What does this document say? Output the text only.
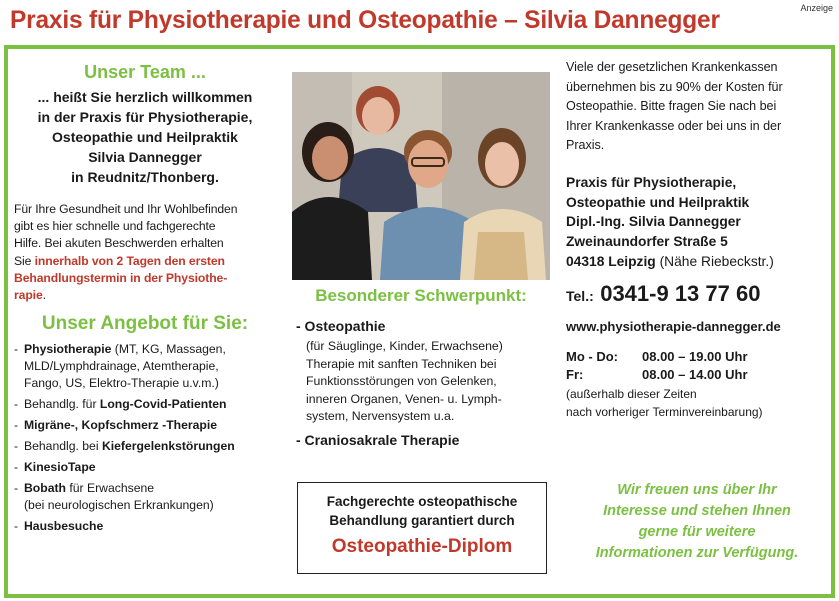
Anzeige
Praxis für Physiotherapie und Osteopathie – Silvia Dannegger
Unser Team ...
... heißt Sie herzlich willkommen
in der Praxis für Physiotherapie,
Osteopathie und Heilpraktik
Silvia Dannegger
in Reudnitz/Thonberg.
Für Ihre Gesundheit und Ihr Wohlbefinden
gibt es hier schnelle und fachgerechte
Hilfe. Bei akuten Beschwerden erhalten
Sie innerhalb von 2 Tagen den ersten
Behandlungstermin in der Physiothe-
rapie.
Unser Angebot für Sie:
- Physiotherapie (MT, KG, Massagen,
MLD/Lymphdrainage, Atemtherapie,
Fango, US, Elektro-Therapie u.v.m.)
- Behandlg. für Long-Covid-Patienten
- Migräne-, Kopfschmerz -Therapie
- Behandlg. bei Kiefergelenkstörungen
- KinesioTape
- Bobath für Erwachsene
(bei neurologischen Erkrankungen)
- Hausbesuche
Besonderer Schwerpunkt:
- Osteopathie
(für Säuglinge, Kinder, Erwachsene)
Therapie mit sanften Techniken bei
Funktionsstörungen von Gelenken,
inneren Organen, Venen- u. Lymph-
system, Nervensystem u.a.
- Craniosakrale Therapie
Fachgerechte osteopathische
Behandlung garantiert durch
Osteopathie-Diplom
Viele der gesetzlichen Krankenkassen
übernehmen bis zu 90% der Kosten für
Osteopathie. Bitte fragen Sie nach bei
Ihrer Krankenkasse oder bei uns in der
Praxis.
Praxis für Physiotherapie,
Osteopathie und Heilpraktik
Dipl.-Ing. Silvia Dannegger
Zweinaundorfer Straße 5
04318 Leipzig (Nähe Riebeckstr.)
Tel.: 0341-9 13 77 60
www.physiotherapie-dannegger.de
Mo - Do:	08.00 – 19.00 Uhr
Fr:	08.00 – 14.00 Uhr
(außerhalb dieser Zeiten
nach vorheriger Terminvereinbarung)
Wir freuen uns über Ihr
Interesse und stehen Ihnen
gerne für weitere
Informationen zur Verfügung.
